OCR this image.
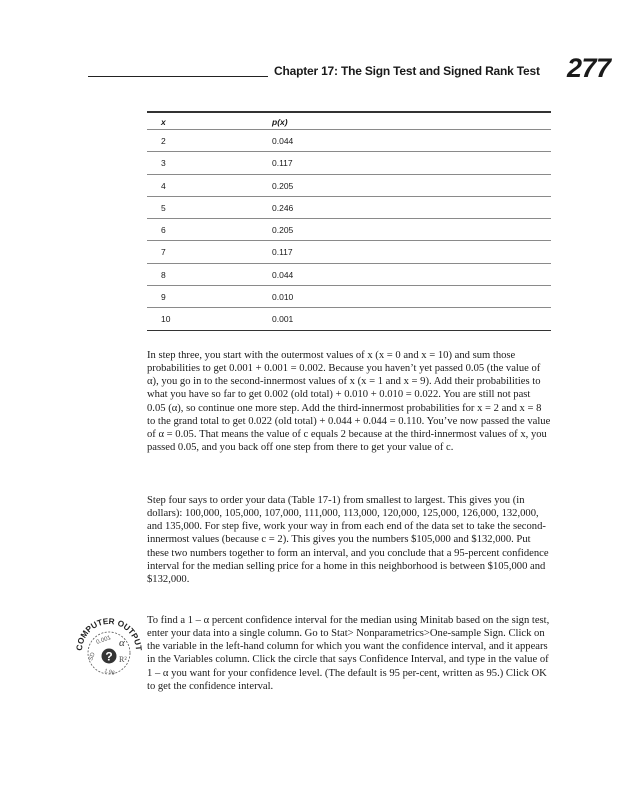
Chapter 17: The Sign Test and Signed Rank Test 277
x	p(x)
2	0.044
3	0.117
4	0.205
5	0.246
6	0.205
7	0.117
8	0.044
9	0.010
10	0.001

In step three, you start with the outermost values of x (x = 0 and x = 10) and sum those probabilities to get 0.001 + 0.001 = 0.002. Because you haven’t yet passed 0.05 (the value of α), you go in to the second-innermost values of x (x = 1 and x = 9). Add their probabilities to what you have so far to get 0.002 (old total) + 0.010 + 0.010 = 0.022. You are still not past 0.05 (α), so continue one more step. Add the third-innermost probabilities for x = 2 and x = 8 to the grand total to get 0.022 (old total) + 0.044 + 0.044 = 0.110. You’ve now passed the value of α = 0.05. That means the value of c equals 2 because at the third-innermost values of x, you passed 0.05, and you back off one step from there to get your value of c.

Step four says to order your data (Table 17-1) from smallest to largest. This gives you (in dollars): 100,000, 105,000, 107,000, 111,000, 113,000, 120,000, 125,000, 126,000, 132,000, and 135,000. For step five, work your way in from each end of the data set to take the second-innermost values (because c = 2). This gives you the numbers $105,000 and $132,000. Put these two numbers together to form an interval, and you conclude that a 95-percent confidence interval for the median selling price for a home in this neighborhood is between $105,000 and $132,000.

COMPUTER OUTPUT
0.001 α
? R²
SD
1.96

To find a 1 – α percent confidence interval for the median using Minitab based on the sign test, enter your data into a single column. Go to Stat> Nonparametrics>One-sample Sign. Click on the variable in the left-hand column for which you want the confidence interval, and it appears in the Variables column. Click the circle that says Confidence Interval, and type in the value of 1 – α you want for your confidence level. (The default is 95 per-cent, written as 95.) Click OK to get the confidence interval.
